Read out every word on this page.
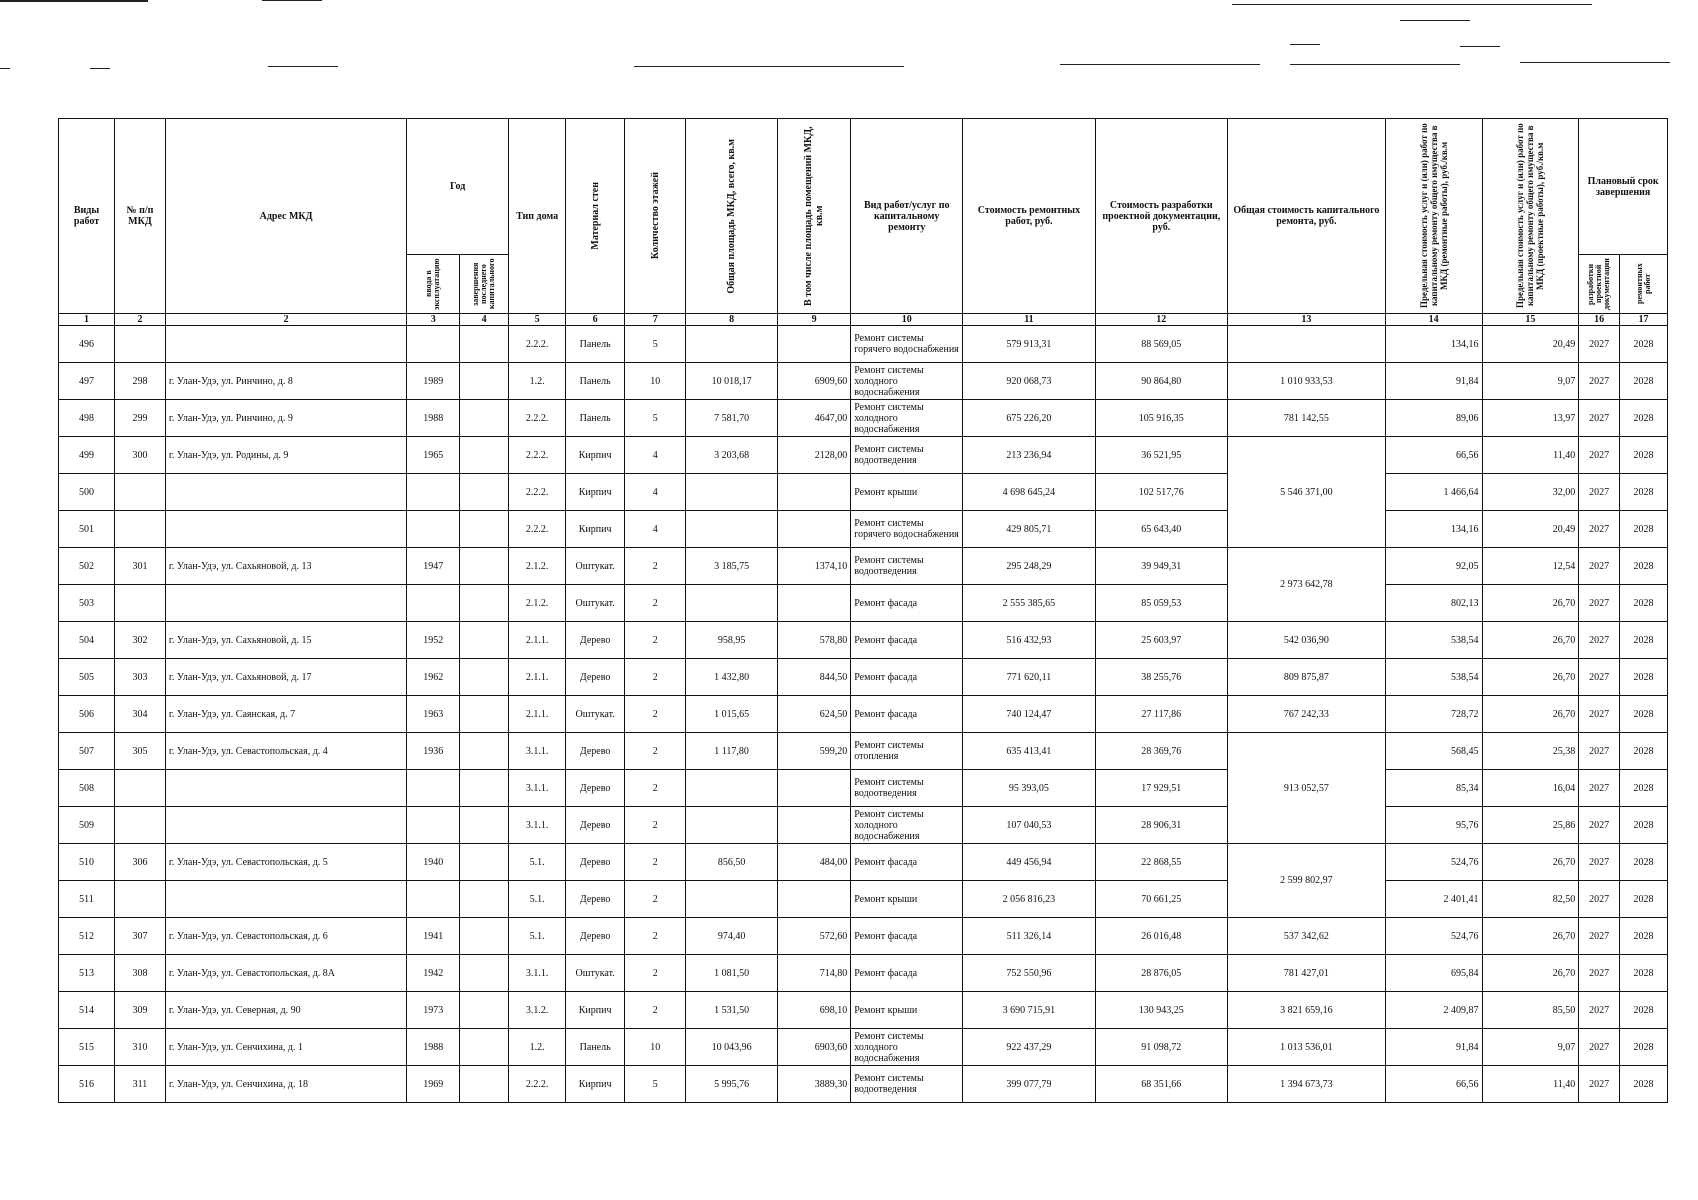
Виды работ	№ п/п МКД	Адрес МКД	Год		Тип дома	Материал стен	Количество этажей	Общая площадь МКД, всего, кв.м	В том числе площадь помещений МКД, кв.м	Вид работ/услуг по капитальному ремонту	Стоимость ремонтных работ, руб.	Стоимость разработки проектной документации, руб.	Общая стоимость капитального ремонта, руб.	Предельная стоимость услуг и (или) работ по капитальному ремонту общего имущества в МКД (ремонтные работы), руб./кв.м	Предельная стоимость услуг и (или) работ по капитальному ремонту общего имущества в МКД (проектные работы), руб./кв.м	Плановый срок завершения	

			ввода в эксплуатацию	завершения последнего капитального												разработки проектной документации	ремонтных работ

1	2	2	3	4	5	6	7	8	9	10	11	12	13	14	15	16	17
496					2.2.2.	Панель	5			Ремонт системы горячего водоснабжения	579 913,31	88 569,05		134,16	20,49	2027	2028
497	298	г. Улан-Удэ, ул. Ринчино, д. 8	1989		1.2.	Панель	10	10 018,17	6909,60	Ремонт системы холодного водоснабжения	920 068,73	90 864,80	1 010 933,53	91,84	9,07	2027	2028
498	299	г. Улан-Удэ, ул. Ринчино, д. 9	1988		2.2.2.	Панель	5	7 581,70	4647,00	Ремонт системы холодного водоснабжения	675 226,20	105 916,35	781 142,55	89,06	13,97	2027	2028
499	300	г. Улан-Удэ, ул. Родины, д. 9	1965		2.2.2.	Кирпич	4	3 203,68	2128,00	Ремонт системы водоотведения	213 236,94	36 521,95	5 546 371,00	66,56	11,40	2027	2028
500					2.2.2.	Кирпич	4			Ремонт крыши	4 698 645,24	102 517,76		1 466,64	32,00	2027	2028
501					2.2.2.	Кирпич	4			Ремонт системы горячего водоснабжения	429 805,71	65 643,40		134,16	20,49	2027	2028
502	301	г. Улан-Удэ, ул. Сахьяновой, д. 13	1947		2.1.2.	Оштукат.	2	3 185,75	1374,10	Ремонт системы водоотведения	295 248,29	39 949,31	2 973 642,78	92,05	12,54	2027	2028
503					2.1.2.	Оштукат.	2			Ремонт фасада	2 555 385,65	85 059,53		802,13	26,70	2027	2028
504	302	г. Улан-Удэ, ул. Сахьяновой, д. 15	1952		2.1.1.	Дерево	2	958,95	578,80	Ремонт фасада	516 432,93	25 603,97	542 036,90	538,54	26,70	2027	2028
505	303	г. Улан-Удэ, ул. Сахьяновой, д. 17	1962		2.1.1.	Дерево	2	1 432,80	844,50	Ремонт фасада	771 620,11	38 255,76	809 875,87	538,54	26,70	2027	2028
506	304	г. Улан-Удэ, ул. Саянская, д. 7	1963		2.1.1.	Оштукат.	2	1 015,65	624,50	Ремонт фасада	740 124,47	27 117,86	767 242,33	728,72	26,70	2027	2028
507	305	г. Улан-Удэ, ул. Севастопольская, д. 4	1936		3.1.1.	Дерево	2	1 117,80	599,20	Ремонт системы отопления	635 413,41	28 369,76	913 052,57	568,45	25,38	2027	2028
508					3.1.1.	Дерево	2			Ремонт системы водоотведения	95 393,05	17 929,51		85,34	16,04	2027	2028
509					3.1.1.	Дерево	2			Ремонт системы холодного водоснабжения	107 040,53	28 906,31		95,76	25,86	2027	2028
510	306	г. Улан-Удэ, ул. Севастопольская, д. 5	1940		5.1.	Дерево	2	856,50	484,00	Ремонт фасада	449 456,94	22 868,55	2 599 802,97	524,76	26,70	2027	2028
511					5.1.	Дерево	2			Ремонт крыши	2 056 816,23	70 661,25		2 401,41	82,50	2027	2028
512	307	г. Улан-Удэ, ул. Севастопольская, д. 6	1941		5.1.	Дерево	2	974,40	572,60	Ремонт фасада	511 326,14	26 016,48	537 342,62	524,76	26,70	2027	2028
513	308	г. Улан-Удэ, ул. Севастопольская, д. 8А	1942		3.1.1.	Оштукат.	2	1 081,50	714,80	Ремонт фасада	752 550,96	28 876,05	781 427,01	695,84	26,70	2027	2028
514	309	г. Улан-Удэ, ул. Северная, д. 90	1973		3.1.2.	Кирпич	2	1 531,50	698,10	Ремонт крыши	3 690 715,91	130 943,25	3 821 659,16	2 409,87	85,50	2027	2028
515	310	г. Улан-Удэ, ул. Сенчихина, д. 1	1988		1.2.	Панель	10	10 043,96	6903,60	Ремонт системы холодного водоснабжения	922 437,29	91 098,72	1 013 536,01	91,84	9,07	2027	2028
516	311	г. Улан-Удэ, ул. Сенчихина, д. 18	1969		2.2.2.	Кирпич	5	5 995,76	3889,30	Ремонт системы водоотведения	399 077,79	68 351,66	1 394 673,73	66,56	11,40	2027	2028
